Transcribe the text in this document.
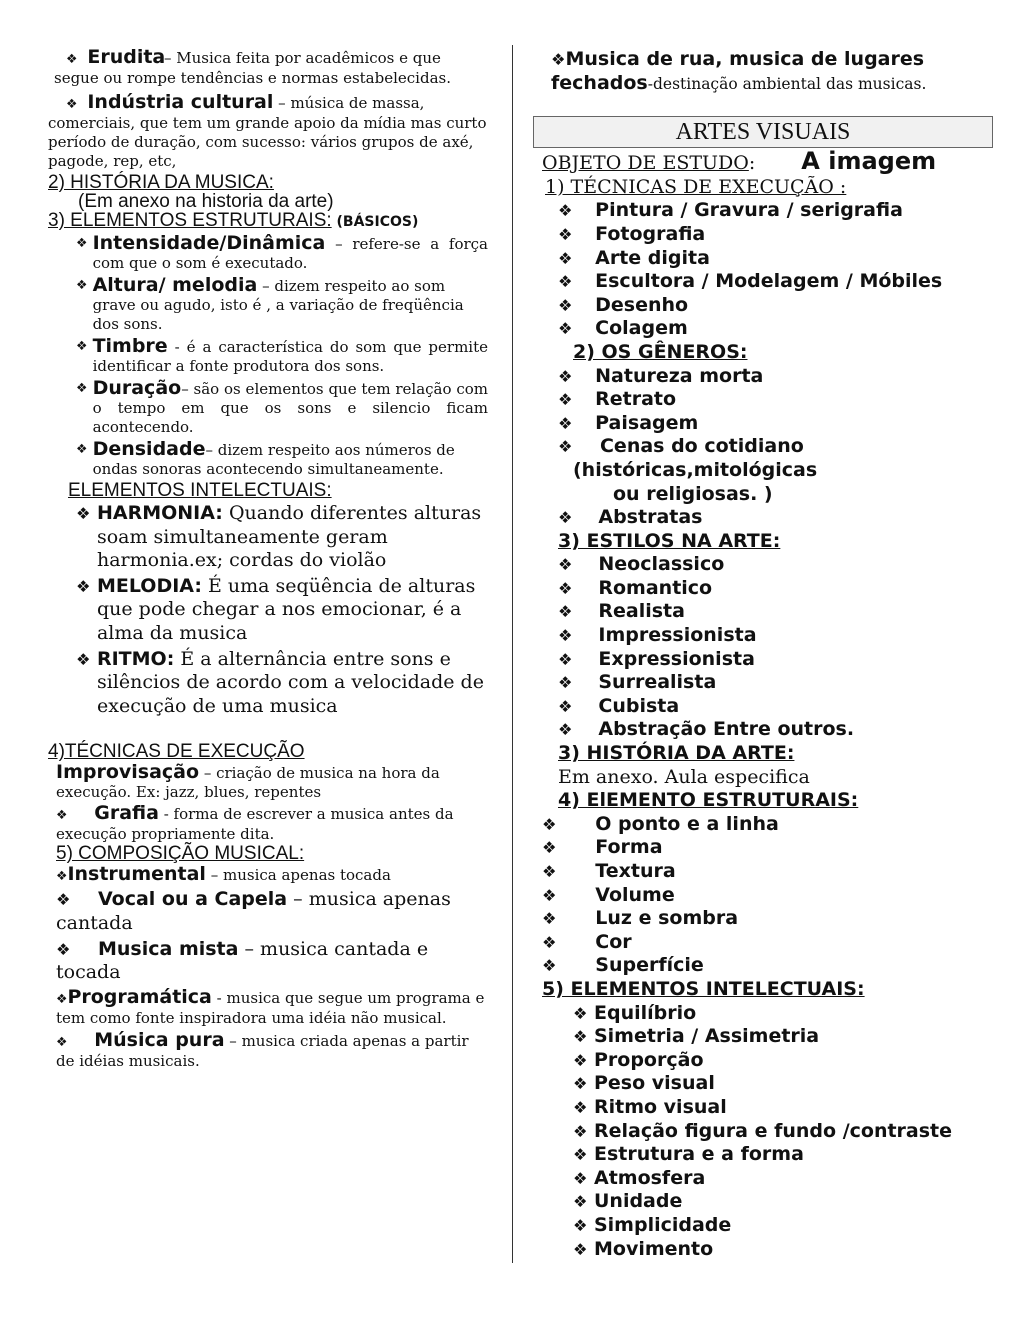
❖ Erudita – Musica feita por acadêmicos e que segue ou rompe tendências e normas estabelecidas.
❖ Indústria cultural – música de massa, comerciais, que tem um grande apoio da mídia mas curto período de duração, com sucesso: vários grupos de axé, pagode, rep, etc,
2) HISTÓRIA DA MUSICA:
(Em anexo na historia da arte)
3) ELEMENTOS ESTRUTURAIS: (BÁSICOS)
❖ Intensidade/Dinâmica – refere-se a força com que o som é executado.
❖ Altura/ melodia – dizem respeito ao som grave ou agudo, isto é , a variação de freqüência dos sons.
❖ Timbre - é a característica do som que permite identificar a fonte produtora dos sons.
❖ Duração– são os elementos que tem relação com o tempo em que os sons e silencio ficam acontecendo.
❖ Densidade– dizem respeito aos números de ondas sonoras acontecendo simultaneamente.
ELEMENTOS INTELECTUAIS:
❖ HARMONIA: Quando diferentes alturas soam simultaneamente geram harmonia.ex; cordas do violão
❖ MELODIA: É uma seqüência de alturas que pode chegar a nos emocionar, é a alma da musica
❖ RITMO: É a alternância entre sons e silêncios de acordo com a velocidade de execução de uma musica
4)TÉCNICAS DE EXECUÇÃO
Improvisação – criação de musica na hora da execução. Ex: jazz, blues, repentes
❖ Grafia - forma de escrever a musica antes da execução propriamente dita.
5) COMPOSIÇÃO MUSICAL:
❖Instrumental – musica apenas tocada
❖ Vocal ou a Capela – musica apenas cantada
❖ Musica mista – musica cantada e tocada
❖Programática - musica que segue um programa e tem como fonte inspiradora uma idéia não musical.
❖ Música pura – musica criada apenas a partir de idéias musicais.
❖Musica de rua, musica de lugares fechados-destinação ambiental das musicas.
ARTES VISUAIS
OBJETO DE ESTUDO: A imagem
1) TÉCNICAS DE EXECUÇÃO :
❖ Pintura / Gravura / serigrafia
❖ Fotografia
❖ Arte digita
❖ Escultora / Modelagem / Móbiles
❖ Desenho
❖ Colagem
2) OS GÊNEROS:
❖ Natureza morta
❖ Retrato
❖ Paisagem
❖ Cenas do cotidiano
(históricas,mitológicas
ou religiosas. )
❖ Abstratas
3) ESTILOS NA ARTE:
❖ Neoclassico
❖ Romantico
❖ Realista
❖ Impressionista
❖ Expressionista
❖ Surrealista
❖ Cubista
❖ Abstração Entre outros.
3) HISTÓRIA DA ARTE:
Em anexo. Aula especifica
4) ElEMENTO ESTRUTURAIS:
❖ O ponto e a linha
❖ Forma
❖ Textura
❖ Volume
❖ Luz e sombra
❖ Cor
❖ Superfície
5) ELEMENTOS INTELECTUAIS:
❖ Equilíbrio
❖ Simetria / Assimetria
❖ Proporção
❖ Peso visual
❖ Ritmo visual
❖ Relação figura e fundo /contraste
❖ Estrutura e a forma
❖ Atmosfera
❖ Unidade
❖ Simplicidade
❖ Movimento
